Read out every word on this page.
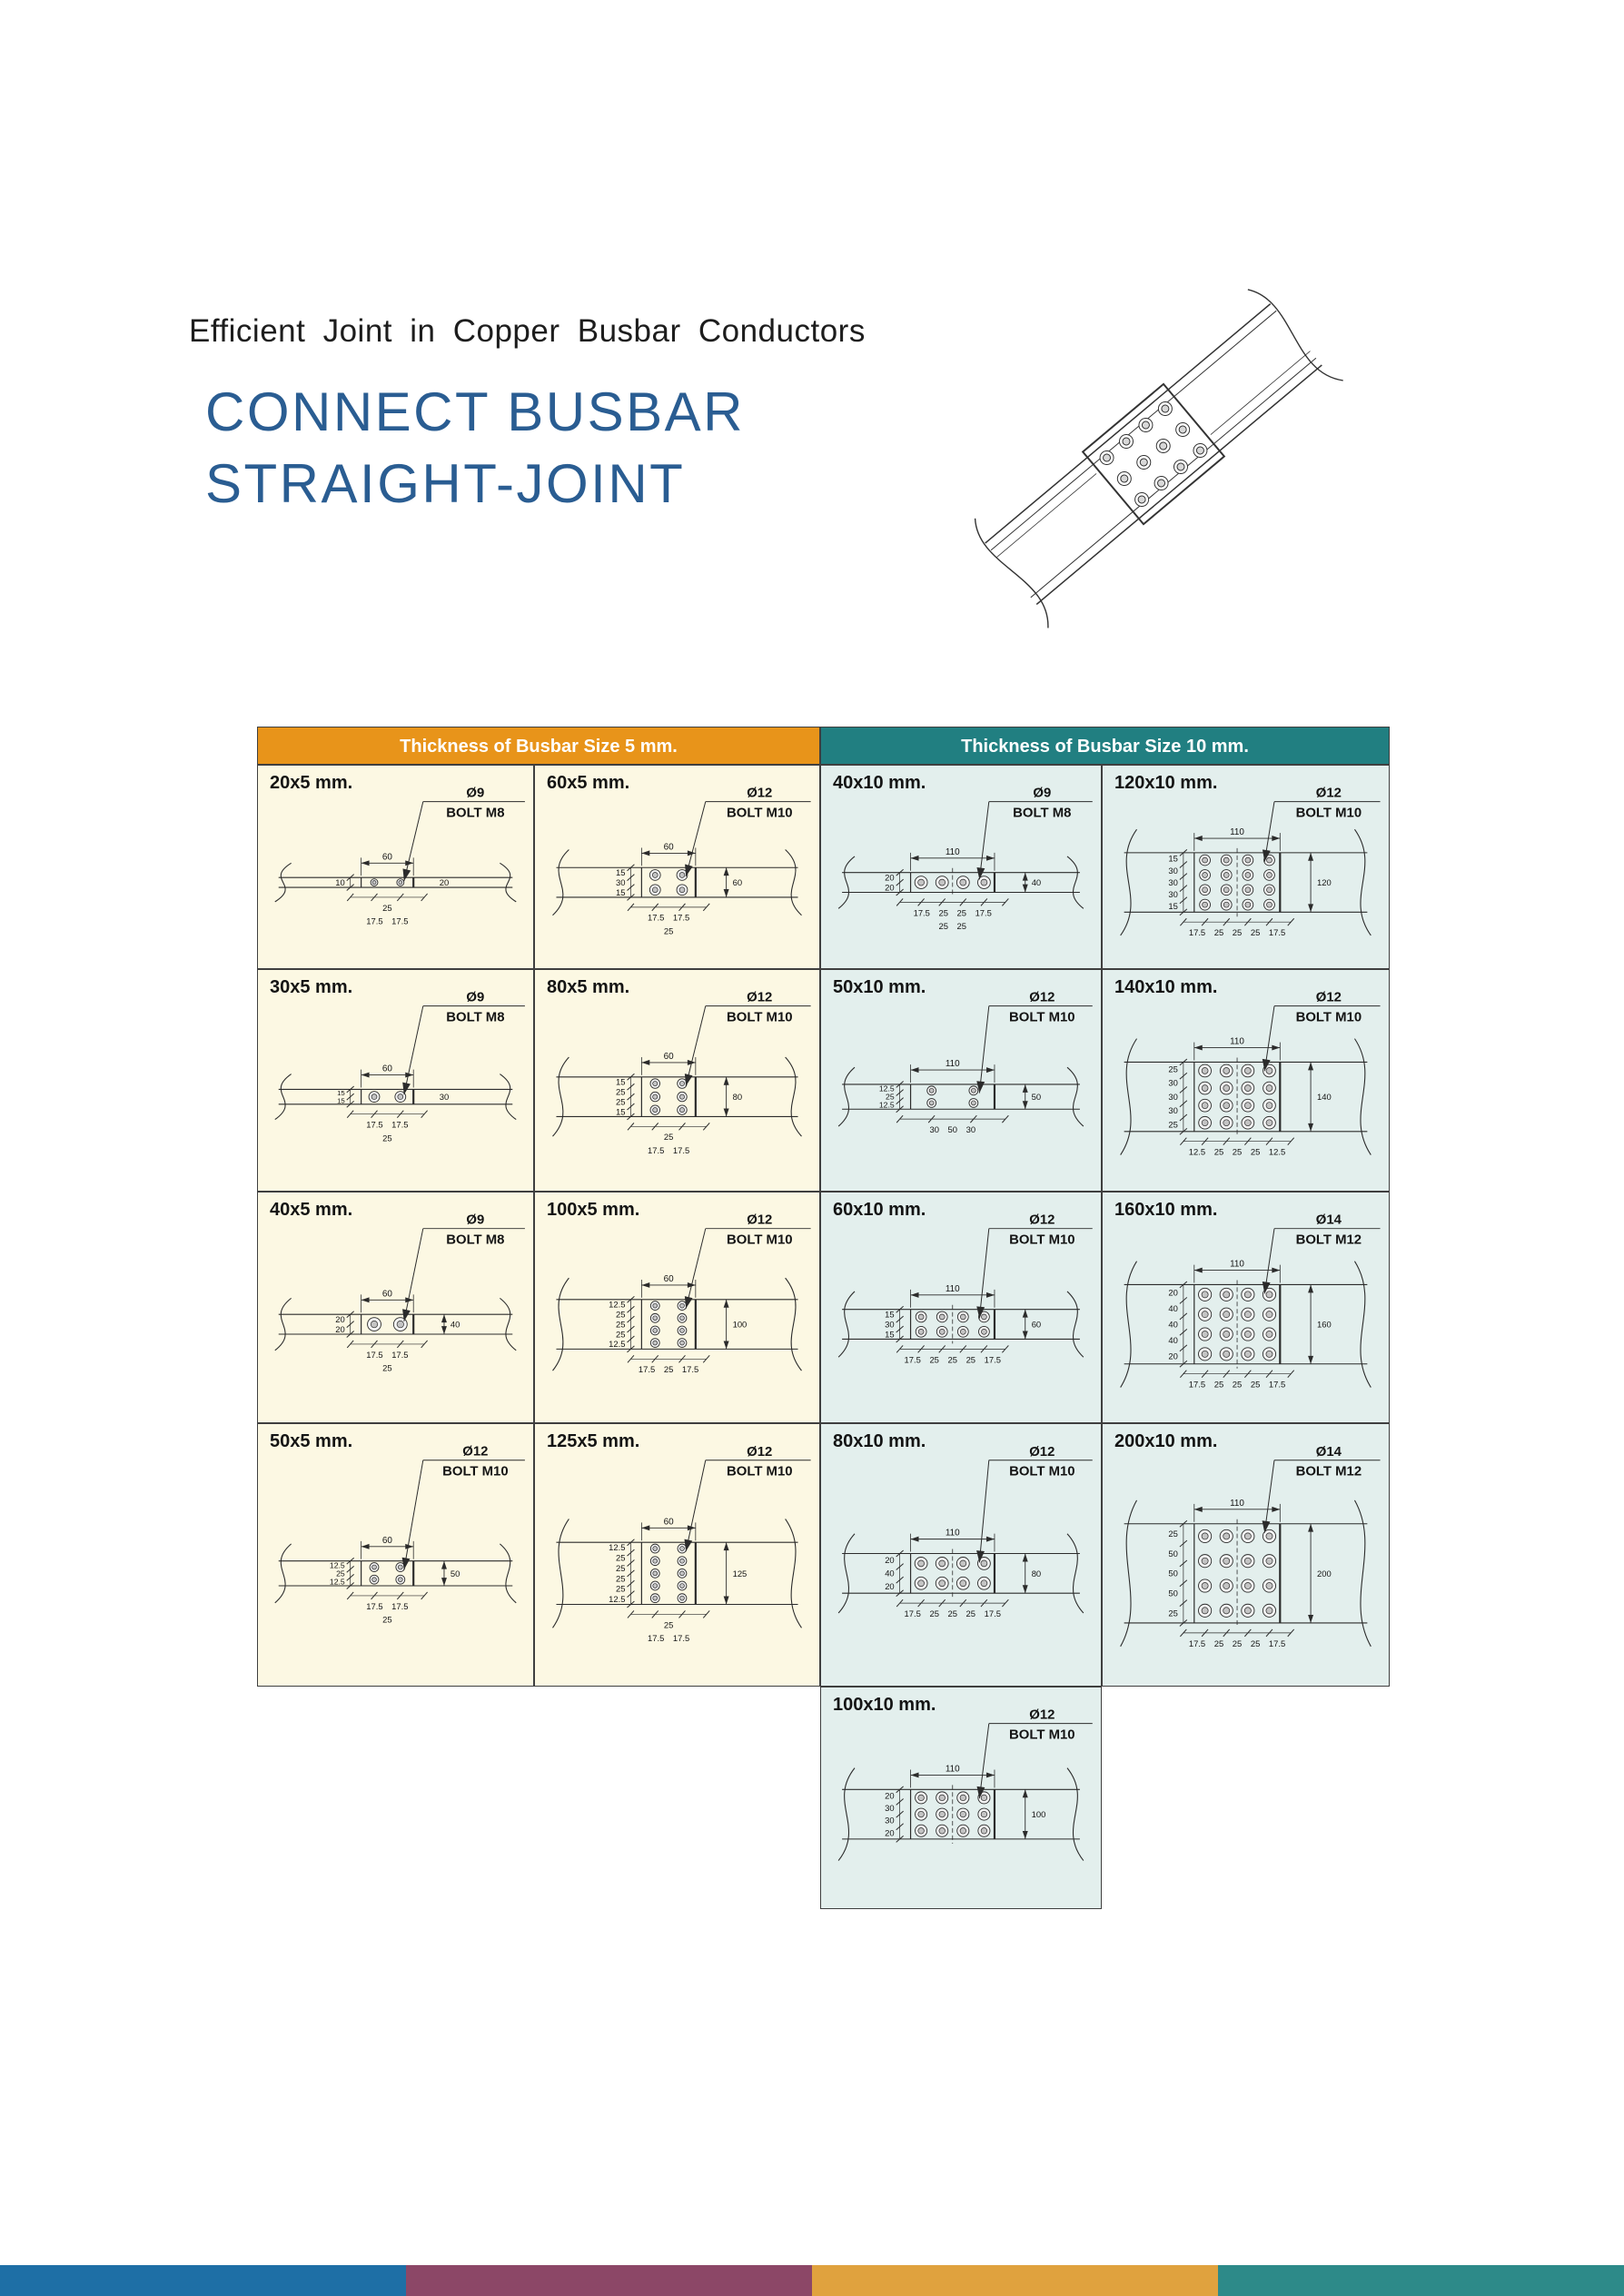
Efficient Joint in Copper Busbar Conductors
CONNECT BUSBAR
STRAIGHT-JOINT
Thickness of Busbar Size 5 mm.	Thickness of Busbar Size 10 mm.
20x5 mm.
60
Ø9
BOLT M8
10	20
25
17.5 17.5
60x5 mm.
60
Ø12
BOLT M10
15
30
15
60
17.5 17.5
25
40x10 mm.
110
Ø9
BOLT M8
20
20	40
17.5 25 25 17.5
25 25
120x10 mm.
110
Ø12
BOLT M10
15
30
30
30
15
120
17.5 25 25 25 17.5
30x5 mm.
60
Ø9
BOLT M8
15
15	30
17.5 17.5
25
80x5 mm.
60
Ø12
BOLT M10
15
25
25
15
80
25
17.5 17.5
50x10 mm.
110
Ø12
BOLT M10
12.5
25
12.5
50
30 50 30
140x10 mm.
110
Ø12
BOLT M10
25
30
30
30
25
140
12.5 25 25 25 12.5
40x5 mm.
60
Ø9
BOLT M8
20
20	40
17.5 17.5
25
100x5 mm.
60
Ø12
BOLT M10
12.5
25
25
25
12.5
100
17.5 25 17.5
60x10 mm.
110
Ø12
BOLT M10
15
30
15
60
17.5 25 25 25 17.5
160x10 mm.
110
Ø14
BOLT M12
20
40
40
40
20
160
17.5 25 25 25 17.5
50x5 mm.
60
Ø12
BOLT M10
12.5
25
12.5
50
17.5 17.5
25
125x5 mm.
60
Ø12
BOLT M10
12.5
25
25
25
25
12.5
125
25
17.5 17.5
80x10 mm.
110
Ø12
BOLT M10
20
40
20
80
17.5 25 25 25 17.5
200x10 mm.
110
Ø14
BOLT M12
25
50
50
50
25
200
17.5 25 25 25 17.5
100x10 mm.
110
Ø12
BOLT M10
20
30
30
20
100
